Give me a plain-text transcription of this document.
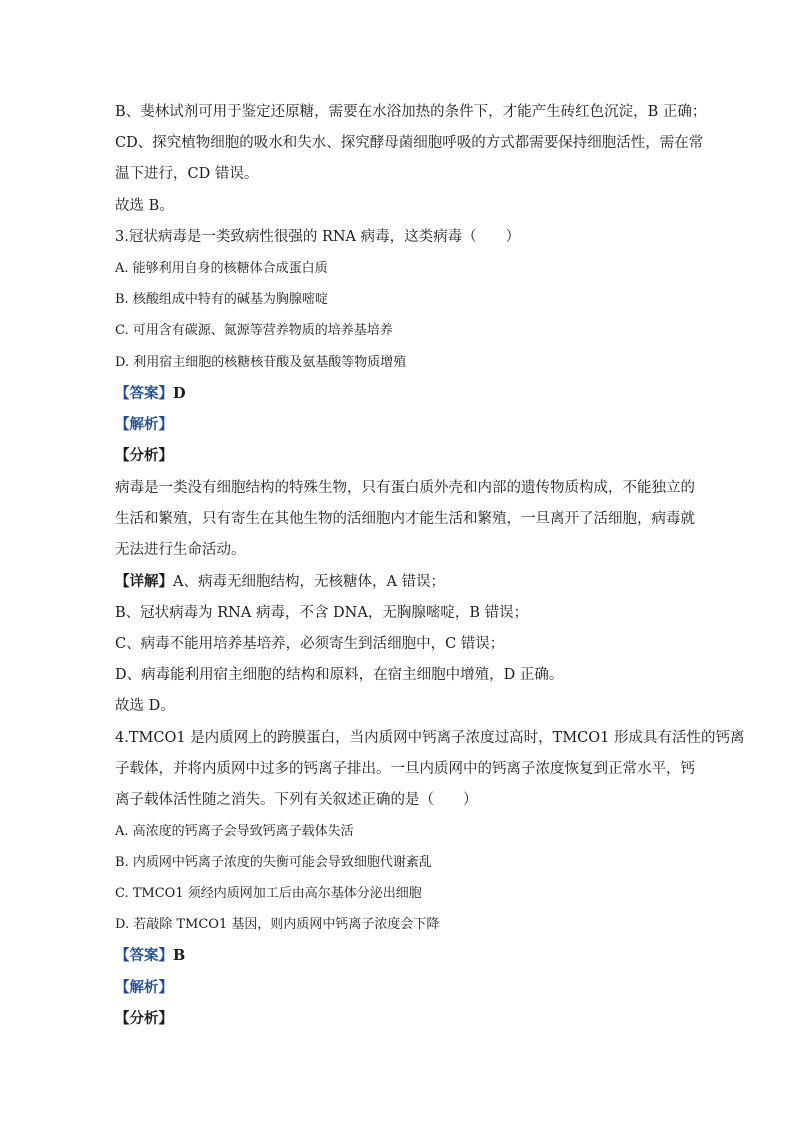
B、斐林试剂可用于鉴定还原糖，需要在水浴加热的条件下，才能产生砖红色沉淀，B 正确；
CD、探究植物细胞的吸水和失水、探究酵母菌细胞呼吸的方式都需要保持细胞活性，需在常
温下进行，CD 错误。
故选 B。
3.冠状病毒是一类致病性很强的 RNA 病毒，这类病毒（　　）
A. 能够利用自身的核糖体合成蛋白质
B. 核酸组成中特有的碱基为胸腺嘧啶
C. 可用含有碳源、氮源等营养物质的培养基培养
D. 利用宿主细胞的核糖核苷酸及氨基酸等物质增殖
【答案】D
【解析】
【分析】
病毒是一类没有细胞结构的特殊生物，只有蛋白质外壳和内部的遗传物质构成，不能独立的
生活和繁殖，只有寄生在其他生物的活细胞内才能生活和繁殖，一旦离开了活细胞，病毒就
无法进行生命活动。
【详解】A、病毒无细胞结构，无核糖体，A 错误；
B、冠状病毒为 RNA 病毒，不含 DNA，无胸腺嘧啶，B 错误；
C、病毒不能用培养基培养，必须寄生到活细胞中，C 错误；
D、病毒能利用宿主细胞的结构和原料，在宿主细胞中增殖，D 正确。
故选 D。
4.TMCO1 是内质网上的跨膜蛋白，当内质网中钙离子浓度过高时，TMCO1 形成具有活性的钙离
子载体，并将内质网中过多的钙离子排出。一旦内质网中的钙离子浓度恢复到正常水平，钙
离子载体活性随之消失。下列有关叙述正确的是（　　）
A. 高浓度的钙离子会导致钙离子载体失活
B. 内质网中钙离子浓度的失衡可能会导致细胞代谢紊乱
C. TMCO1 须经内质网加工后由高尔基体分泌出细胞
D. 若敲除 TMCO1 基因，则内质网中钙离子浓度会下降
【答案】B
【解析】
【分析】
